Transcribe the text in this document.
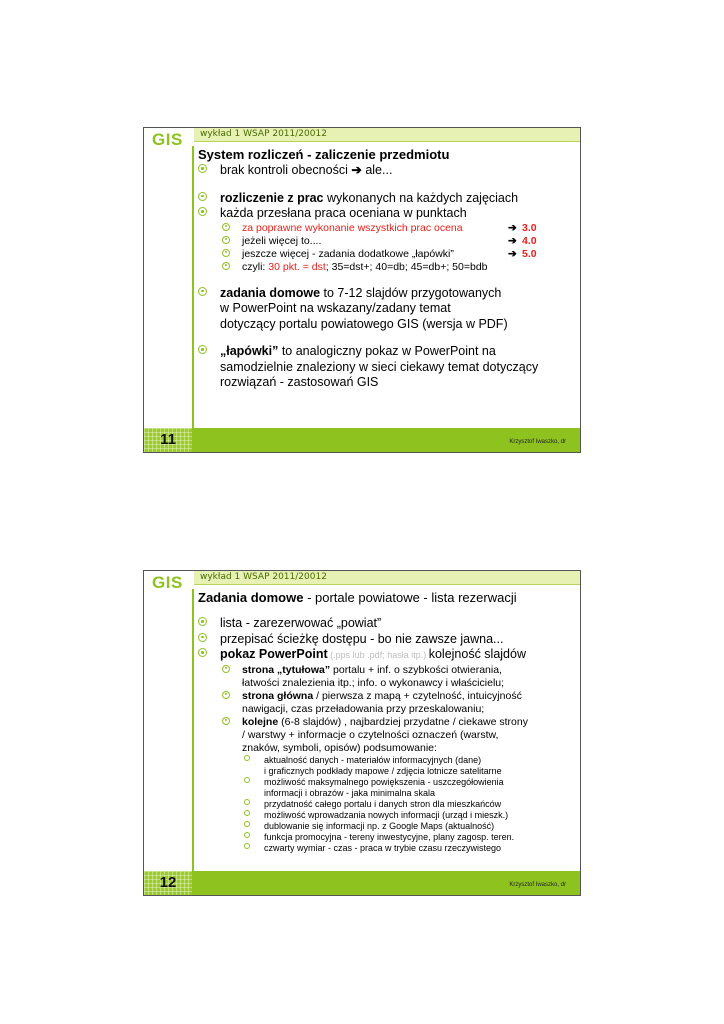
GIS wykład 1 WSAP 2011/20012
System rozliczeń - zaliczenie przedmiotu
brak kontroli obecności ➔ ale...
rozliczenie z prac wykonanych na każdych zajęciach
każda przesłana praca oceniana w punktach
za poprawne wykonanie wszystkich prac ocena	➔ 3.0
jeżeli więcej to....	➔ 4.0
jeszcze więcej - zadania dodatkowe „łapówki”	➔ 5.0
czyli: 30 pkt. = dst; 35=dst+; 40=db; 45=db+; 50=bdb
zadania domowe to 7-12 slajdów przygotowanych
w PowerPoint na wskazany/zadany temat
dotyczący portalu powiatowego GIS (wersja w PDF)
„łapówki” to analogiczny pokaz w PowerPoint na
samodzielnie znaleziony w sieci ciekawy temat dotyczący
rozwiązań - zastosowań GIS
11	Krzysztof Iwaszko, dr
GIS wykład 1 WSAP 2011/20012
Zadania domowe - portale powiatowe - lista rezerwacji
lista - zarezerwować „powiat”
przepisać ścieżkę dostępu - bo nie zawsze jawna...
pokaz PowerPoint (.pps lub .pdf; hasła itp.) kolejność slajdów
strona „tytułowa” portalu + inf. o szybkości otwierania,
łatwości znalezienia itp.; info. o wykonawcy i właścicielu;
strona główna / pierwsza z mapą + czytelność, intuicyjność
nawigacji, czas przeładowania przy przeskalowaniu;
kolejne (6-8 slajdów) , najbardziej przydatne / ciekawe strony
/ warstwy + informacje o czytelności oznaczeń (warstw,
znaków, symboli, opisów) podsumowanie:
aktualność danych - materiałów informacyjnych (dane)
i graficznych podkłady mapowe / zdjęcia lotnicze satelitarne
możliwość maksymalnego powiększenia - uszczegółowienia
informacji i obrazów - jaka minimalna skala
przydatność całego portalu i danych stron dla mieszkańców
możliwość wprowadzania nowych informacji (urząd i mieszk.)
dublowanie się informacji np. z Google Maps (aktualność)
funkcja promocyjna - tereny inwestycyjne, plany zagosp. teren.
czwarty wymiar - czas - praca w trybie czasu rzeczywistego
12	Krzysztof Iwaszko, dr
